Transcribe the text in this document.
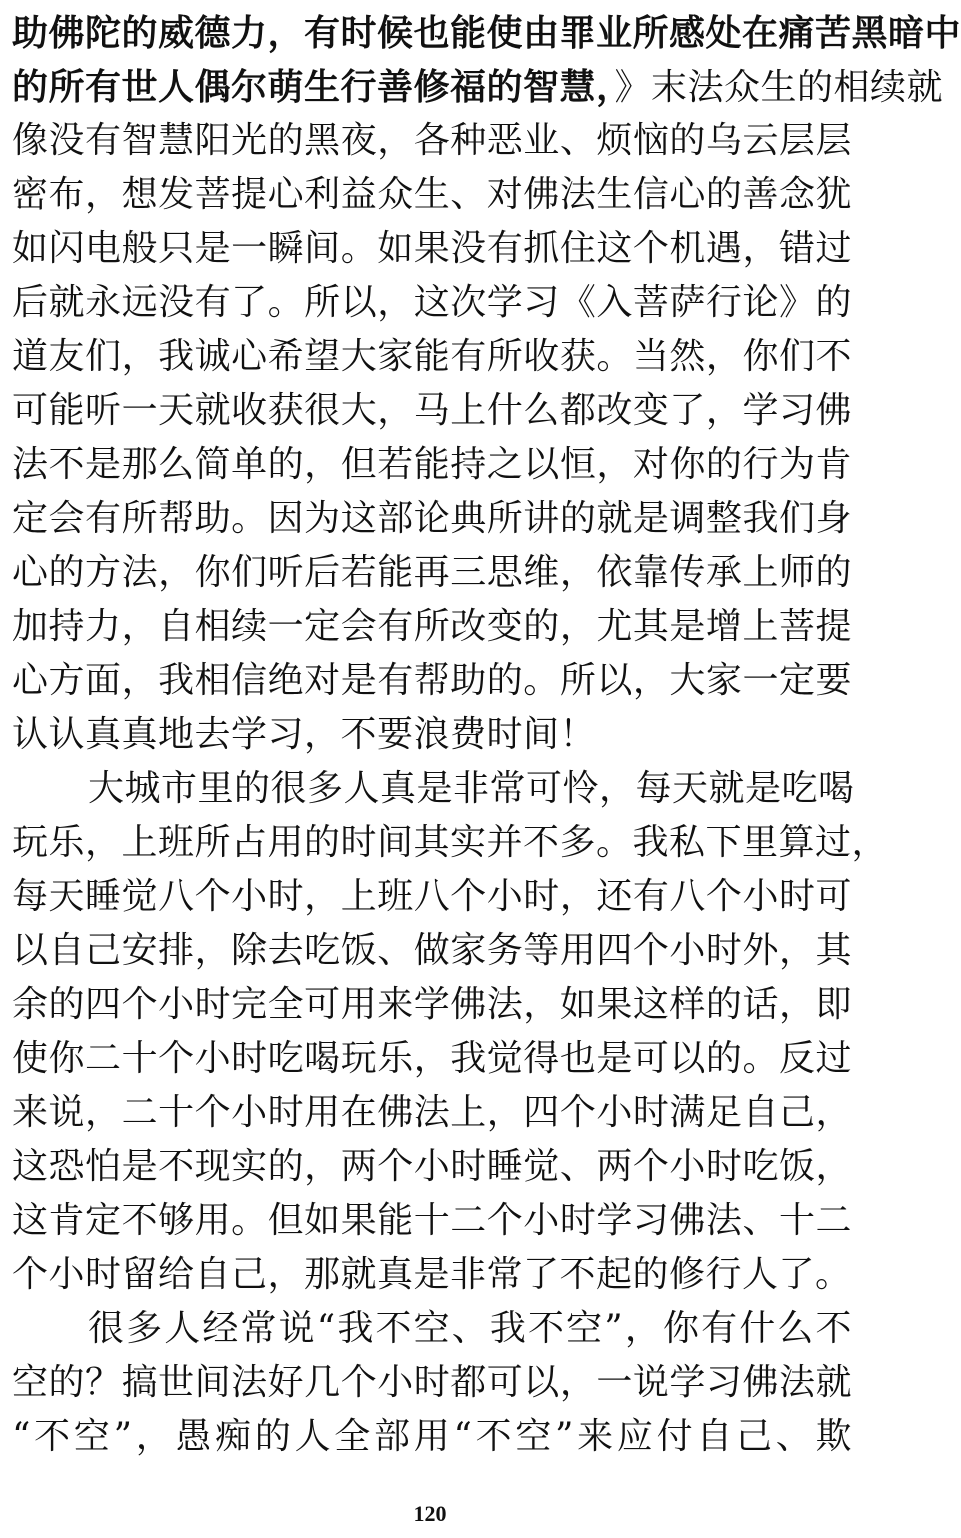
助佛陀的威德力，有时候也能使由罪业所感处在痛苦黑暗中
的所有世人偶尔萌生行善修福的智慧，》末法众生的相续就
像没有智慧阳光的黑夜，各种恶业、烦恼的乌云层层
密布，想发菩提心利益众生、对佛法生信心的善念犹
如闪电般只是一瞬间。如果没有抓住这个机遇，错过
后就永远没有了。所以，这次学习《入菩萨行论》的
道友们，我诚心希望大家能有所收获。当然，你们不
可能听一天就收获很大，马上什么都改变了，学习佛
法不是那么简单的，但若能持之以恒，对你的行为肯
定会有所帮助。因为这部论典所讲的就是调整我们身
心的方法，你们听后若能再三思维，依靠传承上师的
加持力，自相续一定会有所改变的，尤其是增上菩提
心方面，我相信绝对是有帮助的。所以，大家一定要
认认真真地去学习，不要浪费时间！
大城市里的很多人真是非常可怜，每天就是吃喝
玩乐，上班所占用的时间其实并不多。我私下里算过，
每天睡觉八个小时，上班八个小时，还有八个小时可
以自己安排，除去吃饭、做家务等用四个小时外，其
余的四个小时完全可用来学佛法，如果这样的话，即
使你二十个小时吃喝玩乐，我觉得也是可以的。反过
来说，二十个小时用在佛法上，四个小时满足自己，
这恐怕是不现实的，两个小时睡觉、两个小时吃饭，
这肯定不够用。但如果能十二个小时学习佛法、十二
个小时留给自己，那就真是非常了不起的修行人了。
很多人经常说“我不空、我不空”，你有什么不
空的？搞世间法好几个小时都可以，一说学习佛法就
“不空”，愚痴的人全部用“不空”来应付自己、欺
120
